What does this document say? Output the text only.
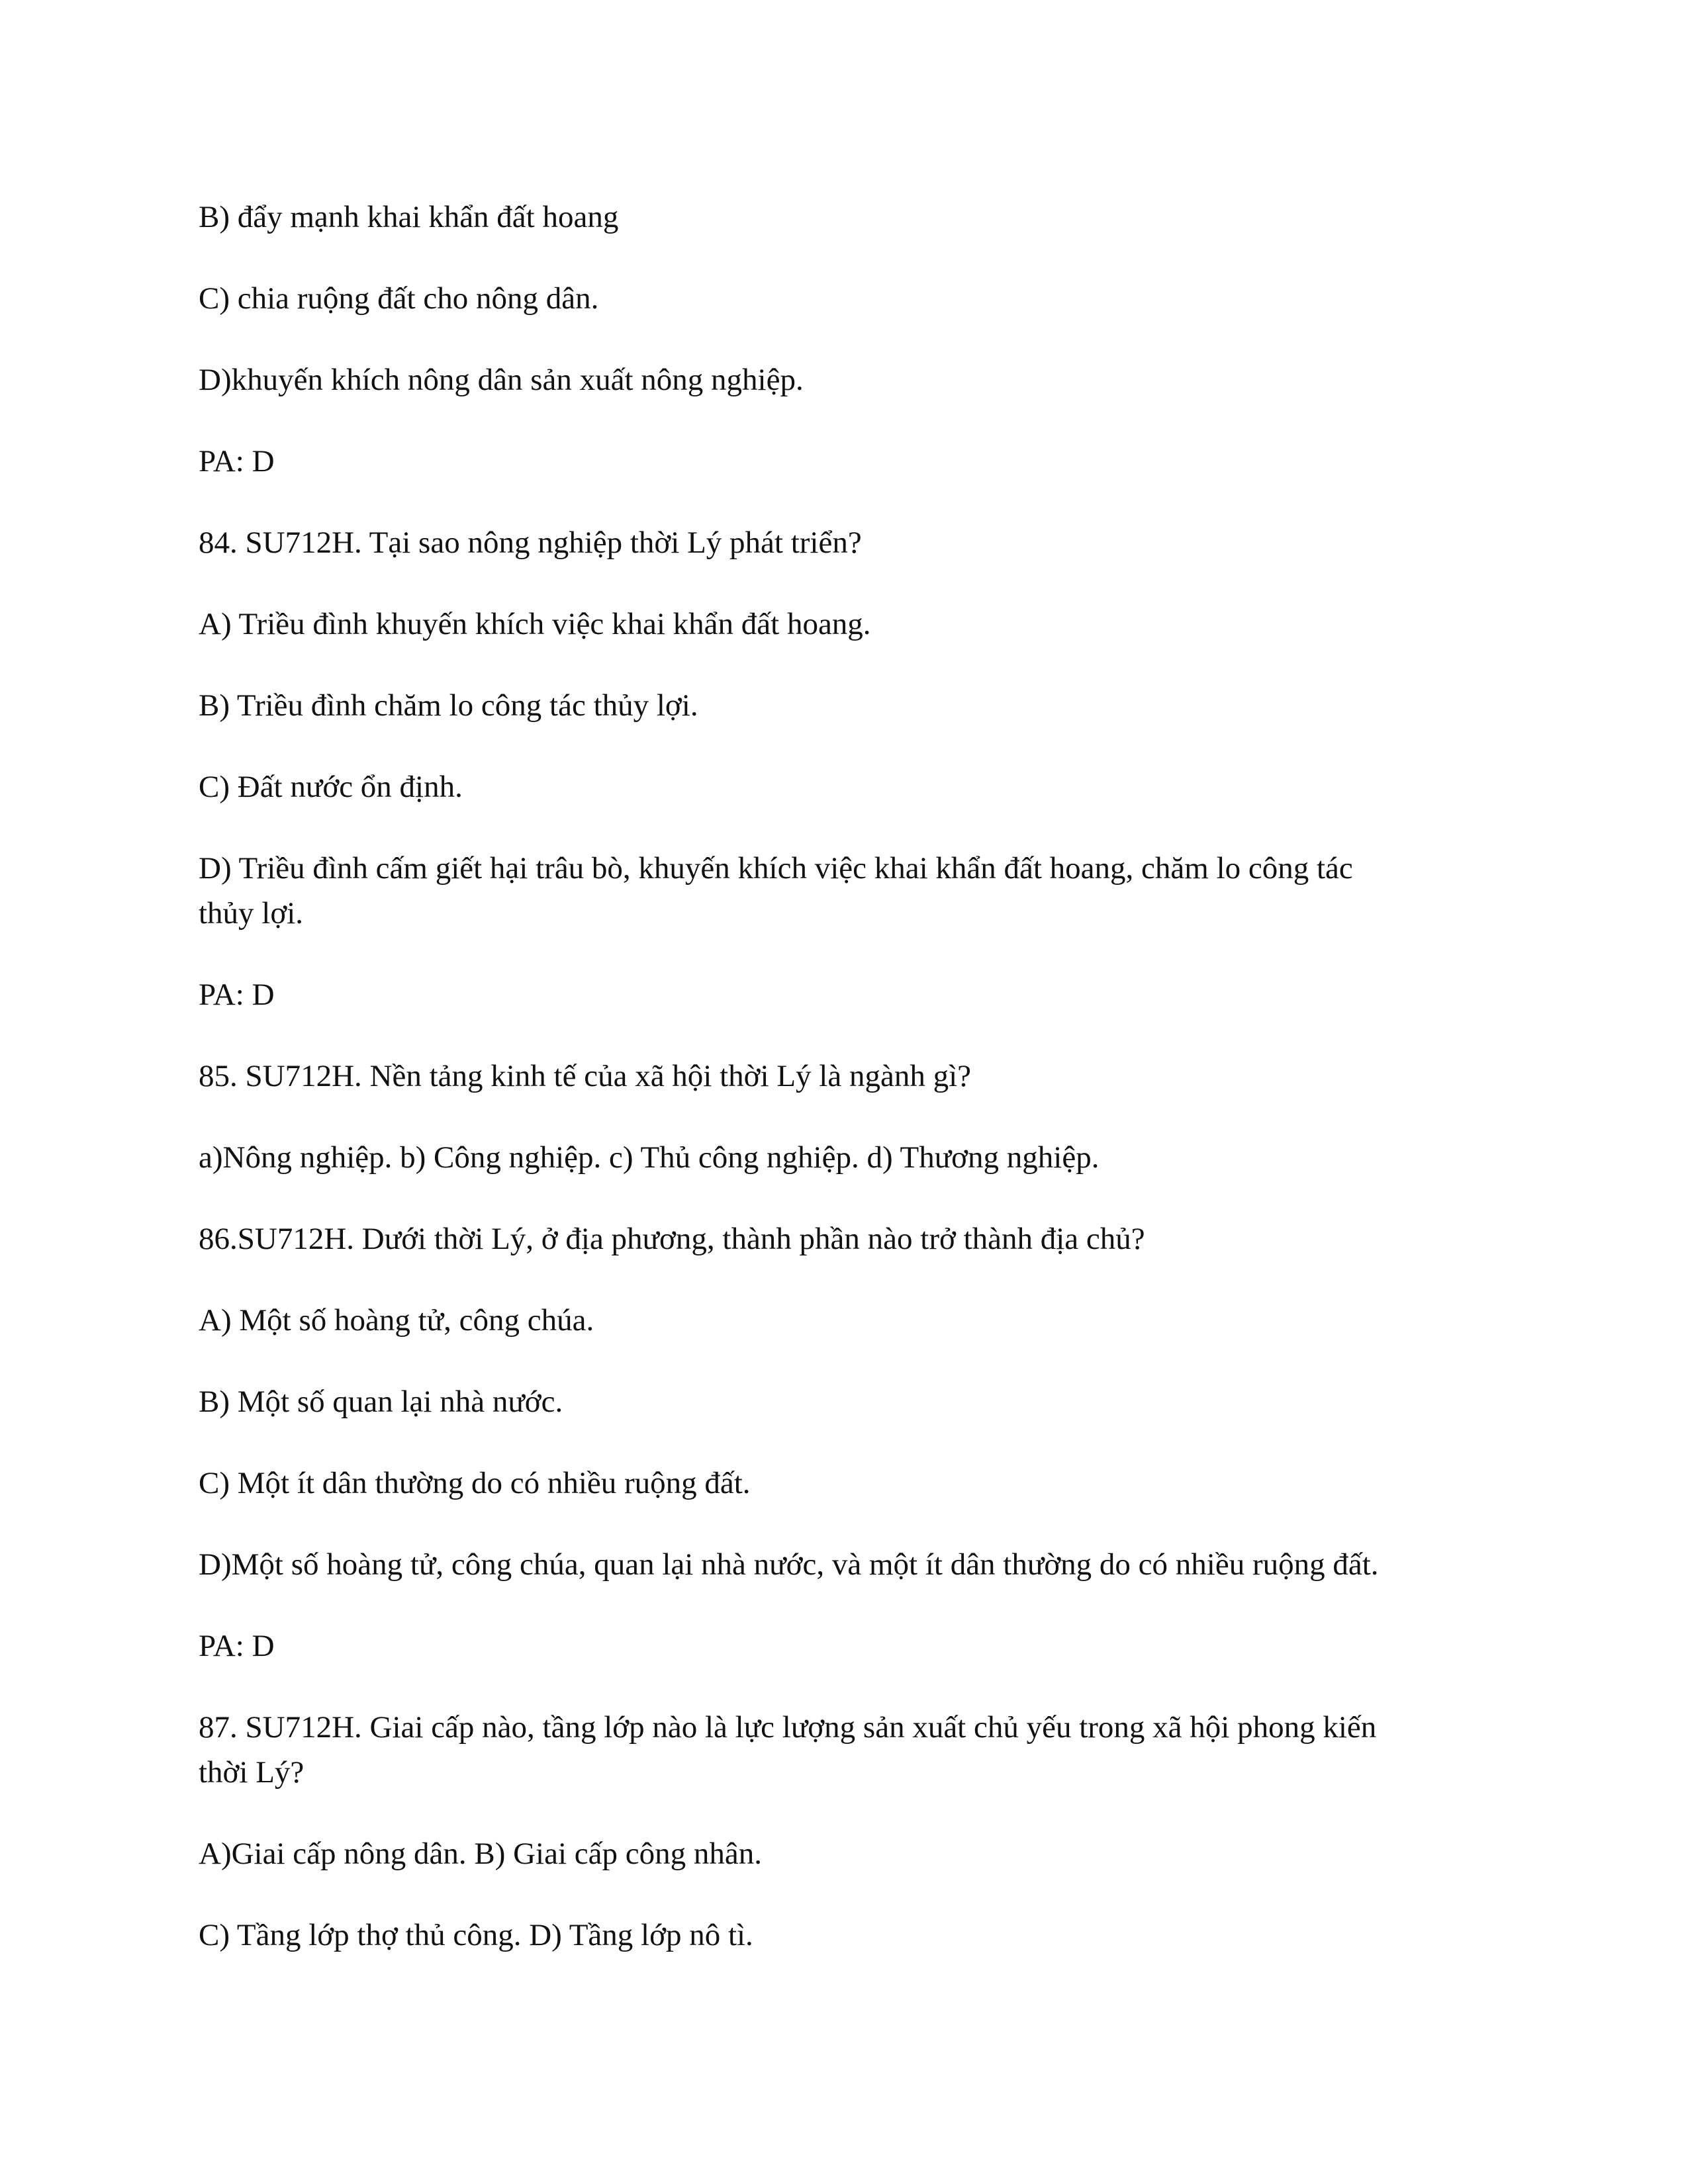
B) đẩy mạnh khai khẩn đất hoang

C) chia ruộng đất cho nông dân.

D)khuyến khích nông dân sản xuất nông nghiệp.

PA: D

84. SU712H. Tại sao nông nghiệp thời Lý phát triển?

A) Triều đình khuyến khích việc khai khẩn đất hoang.

B) Triều đình chăm lo công tác thủy lợi.

C) Đất nước ổn định.

D) Triều đình cấm giết hại trâu bò, khuyến khích việc khai khẩn đất hoang, chăm lo công tác

thủy lợi.

PA: D

85. SU712H. Nền tảng kinh tế của xã hội thời Lý là ngành gì?

a)Nông nghiệp. b) Công nghiệp. c) Thủ công nghiệp. d) Thương nghiệp.

86.SU712H. Dưới thời Lý, ở địa phương, thành phần nào trở thành địa chủ?

A) Một số hoàng tử, công chúa.

B) Một số quan lại nhà nước.

C) Một ít dân thường do có nhiều ruộng đất.

D)Một số hoàng tử, công chúa, quan lại nhà nước, và một ít dân thường do có nhiều ruộng đất.

PA: D

87. SU712H. Giai cấp nào, tầng lớp nào là lực lượng sản xuất chủ yếu trong xã hội phong kiến

thời Lý?

A)Giai cấp nông dân. B) Giai cấp công nhân.

C) Tầng lớp thợ thủ công. D) Tầng lớp nô tì.
